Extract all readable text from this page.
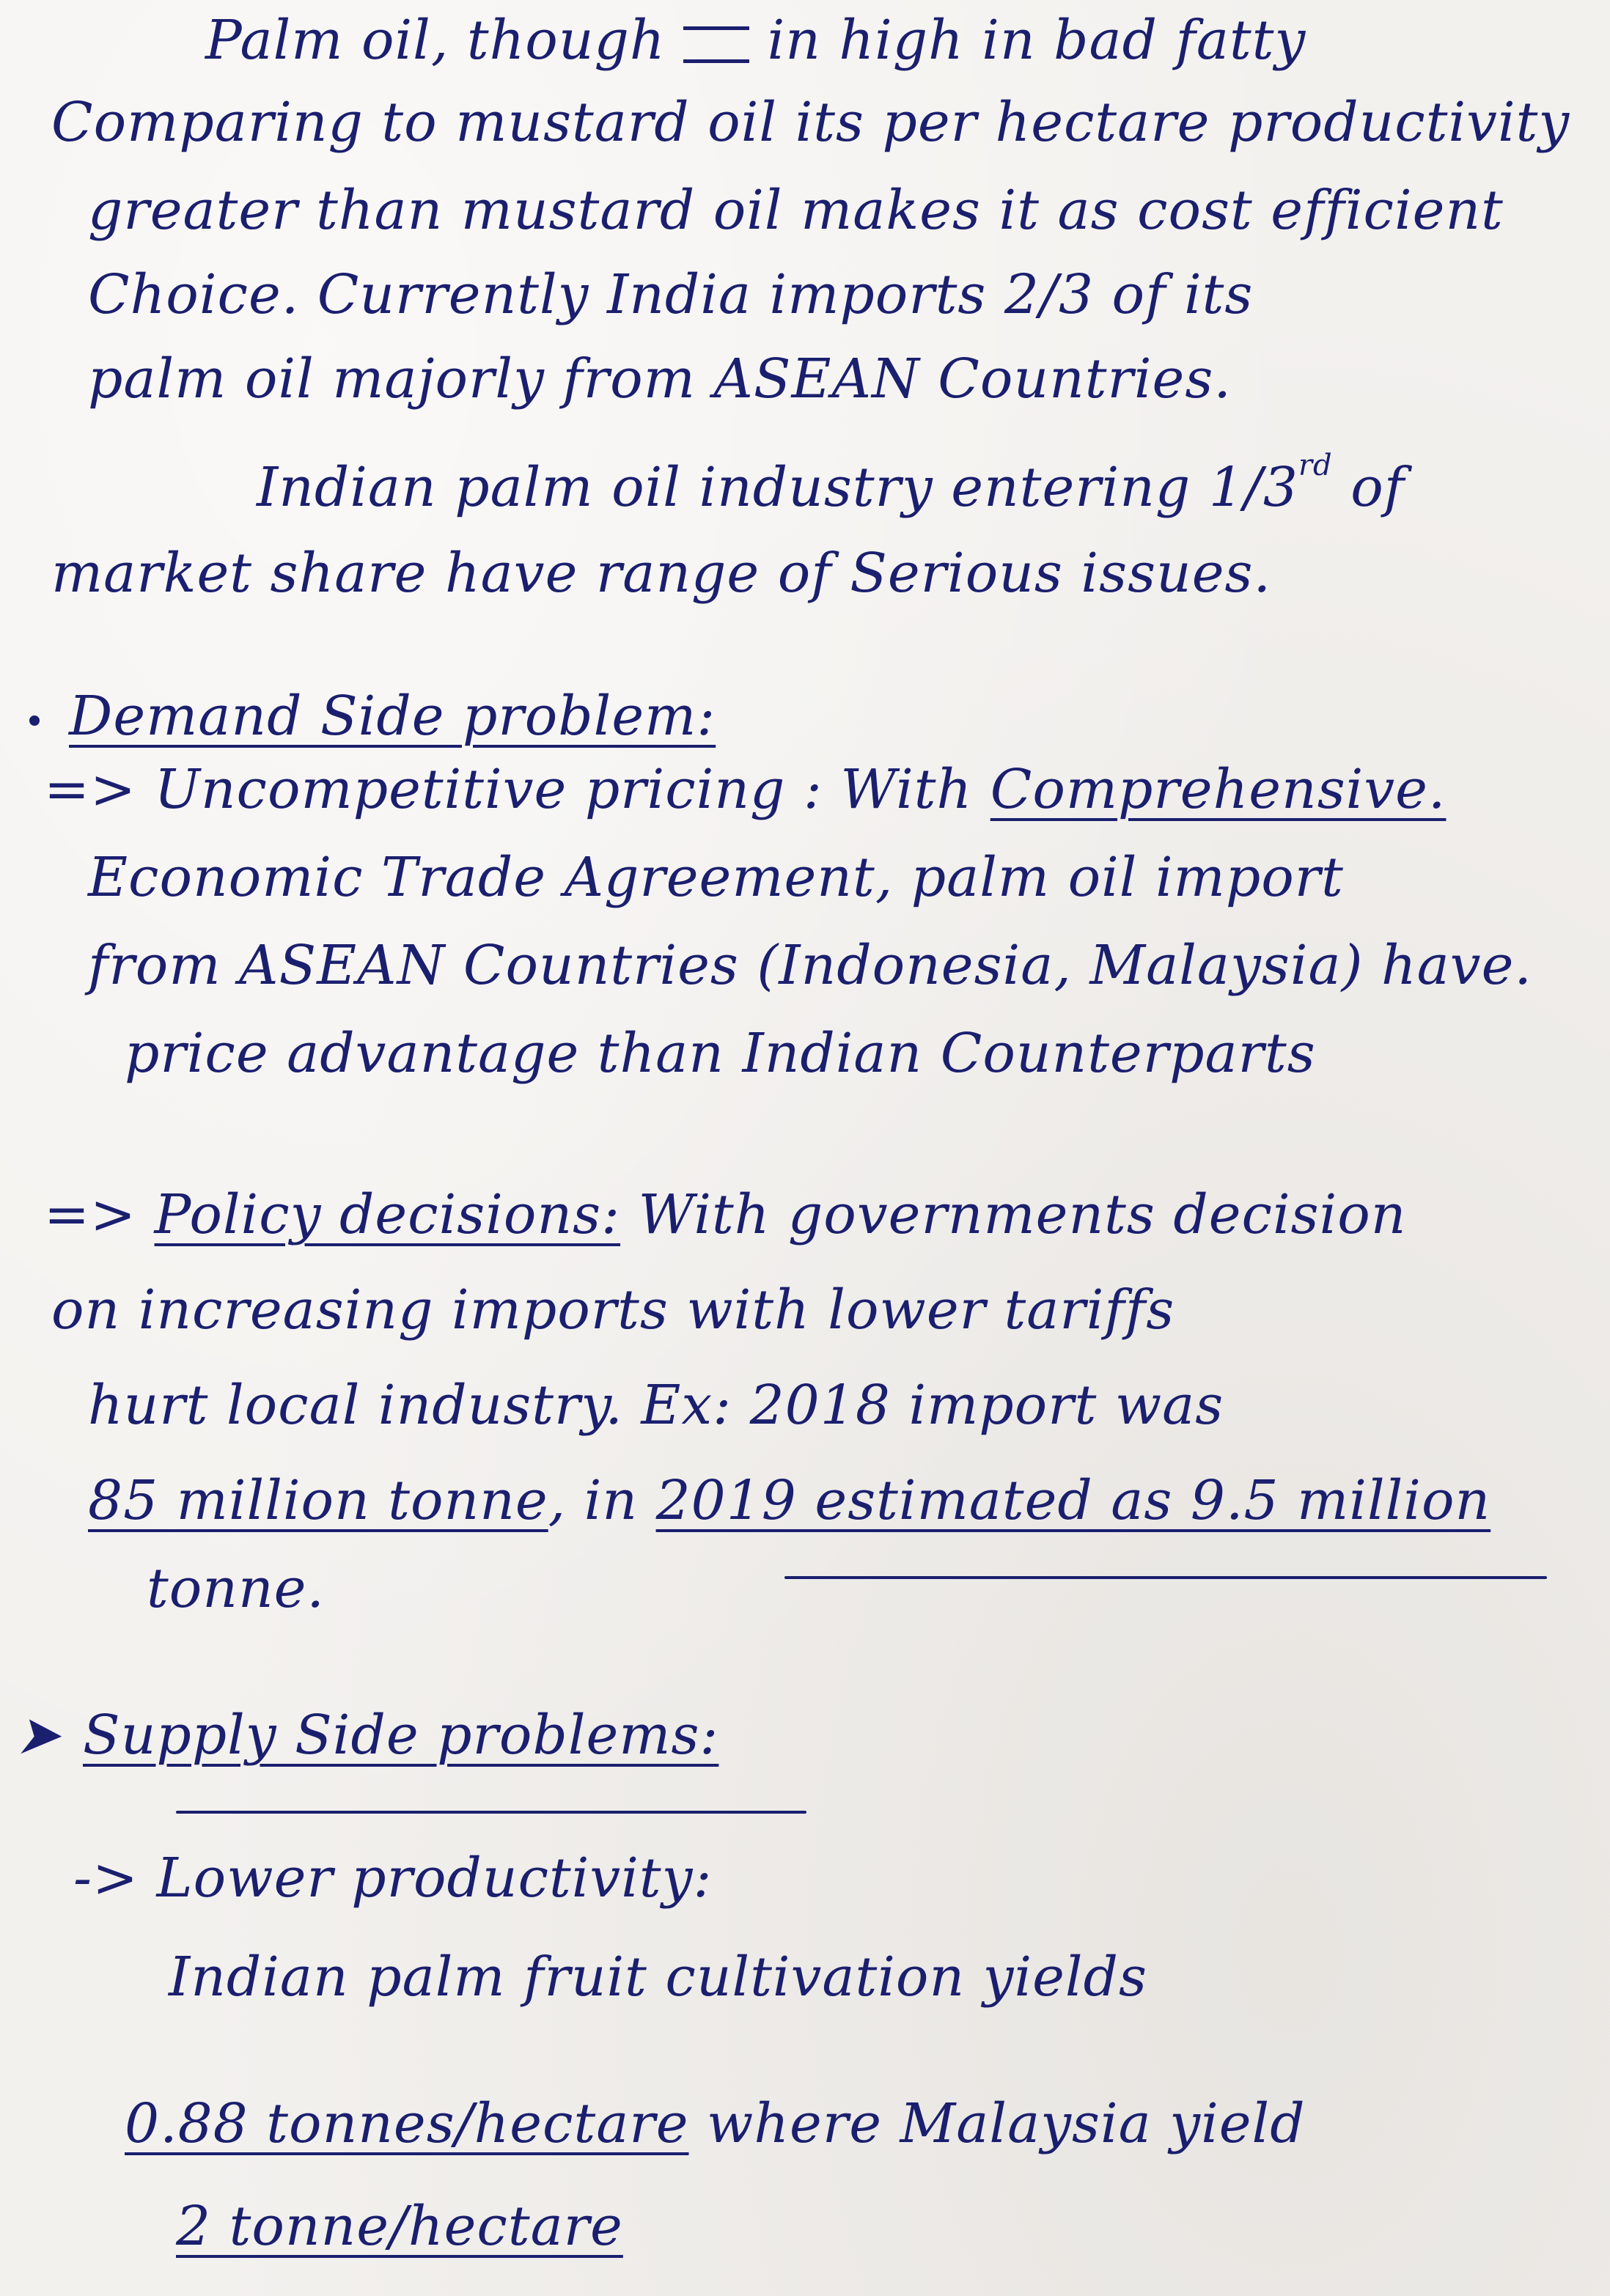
Palm oil, though in high in bad fatty
Comparing to mustard oil its per hectare productivity
greater than mustard oil makes it as cost efficient
Choice. Currently India imports 2/3 of its
palm oil majorly from ASEAN Countries.
Indian palm oil industry entering 1/3rd of
market share have range of Serious issues.
Demand Side problem:
=> Uncompetitive pricing : With Comprehensive.
Economic Trade Agreement, palm oil import
from ASEAN Countries (Indonesia, Malaysia) have.
price advantage than Indian Counterparts
=> Policy decisions: With governments decision
on increasing imports with lower tariffs
hurt local industry. Ex: 2018 import was
85 million tonne, in 2019 estimated as 9.5 million
tonne.
➤ Supply Side problems:
-> Lower productivity:
Indian palm fruit cultivation yields
0.88 tonnes/hectare where Malaysia yield
2 tonne/hectare
